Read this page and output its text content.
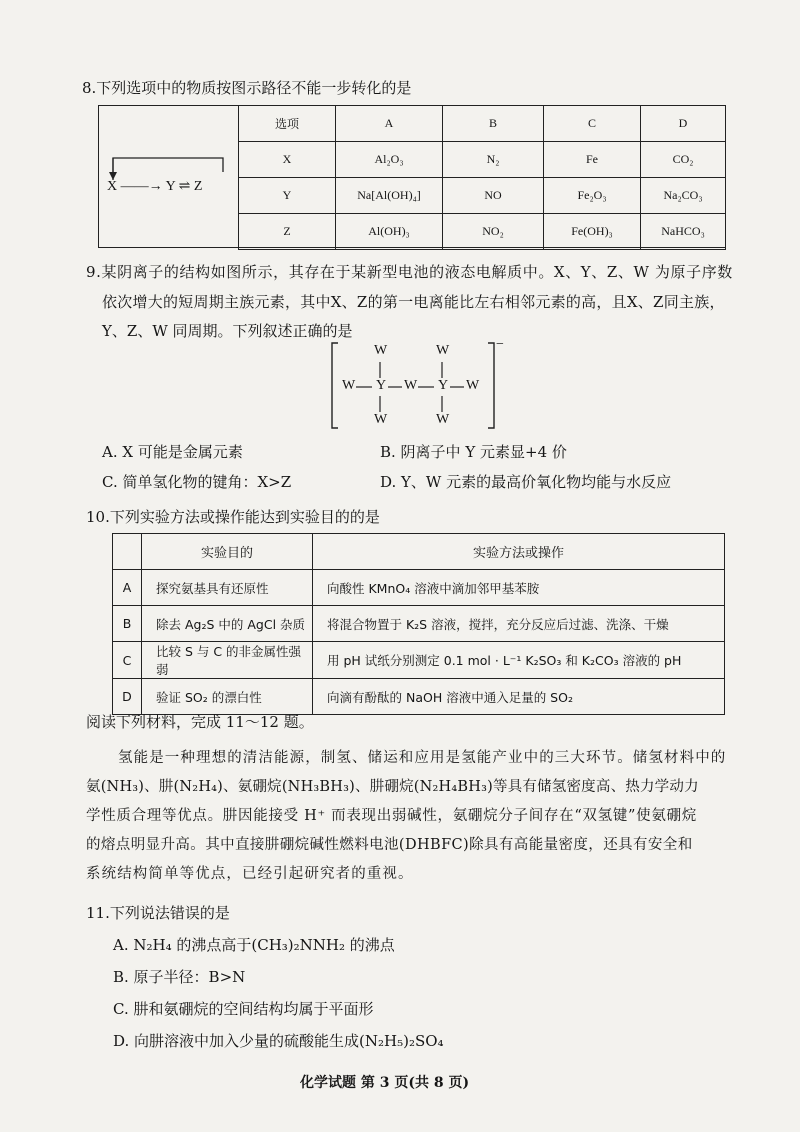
8.下列选项中的物质按图示路径不能一步转化的是
X ——→ Y ⇌ Z
选项	A	B	C	D
X	Al₂O₃	N₂	Fe	CO₂
Y	Na[Al(OH)₄]	NO	Fe₂O₃	Na₂CO₃
Z	Al(OH)₃	NO₂	Fe(OH)₃	NaHCO₃
9.某阴离子的结构如图所示，其存在于某新型电池的液态电解质中。X、Y、Z、W 为原子序数
依次增大的短周期主族元素，其中X、Z的第一电离能比左右相邻元素的高，且X、Z同主族，
Y、Z、W 同周期。下列叙述正确的是
W	W
W Y W Y W
W	W
−
A. X 可能是金属元素	B. 阴离子中 Y 元素显+4 价
C. 简单氢化物的键角：X>Z	D. Y、W 元素的最高价氧化物均能与水反应
10.下列实验方法或操作能达到实验目的的是
	实验目的	实验方法或操作
A	探究氨基具有还原性	向酸性 KMnO₄ 溶液中滴加邻甲基苯胺
B	除去 Ag₂S 中的 AgCl 杂质	将混合物置于 K₂S 溶液，搅拌，充分反应后过滤、洗涤、干燥
C	比较 S 与 C 的非金属性强弱	用 pH 试纸分别测定 0.1 mol · L⁻¹ K₂SO₃ 和 K₂CO₃ 溶液的 pH
D	验证 SO₂ 的漂白性	向滴有酚酞的 NaOH 溶液中通入足量的 SO₂
阅读下列材料，完成 11～12 题。
氢能是一种理想的清洁能源，制氢、储运和应用是氢能产业中的三大环节。储氢材料中的
氨(NH₃)、肼(N₂H₄)、氨硼烷(NH₃BH₃)、肼硼烷(N₂H₄BH₃)等具有储氢密度高、热力学动力
学性质合理等优点。肼因能接受 H⁺ 而表现出弱碱性，氨硼烷分子间存在“双氢键”使氨硼烷
的熔点明显升高。其中直接肼硼烷碱性燃料电池(DHBFC)除具有高能量密度，还具有安全和
系统结构简单等优点，已经引起研究者的重视。
11.下列说法错误的是
A. N₂H₄ 的沸点高于(CH₃)₂NNH₂ 的沸点
B. 原子半径：B>N
C. 肼和氨硼烷的空间结构均属于平面形
D. 向肼溶液中加入少量的硫酸能生成(N₂H₅)₂SO₄
化学试题 第 3 页(共 8 页)
